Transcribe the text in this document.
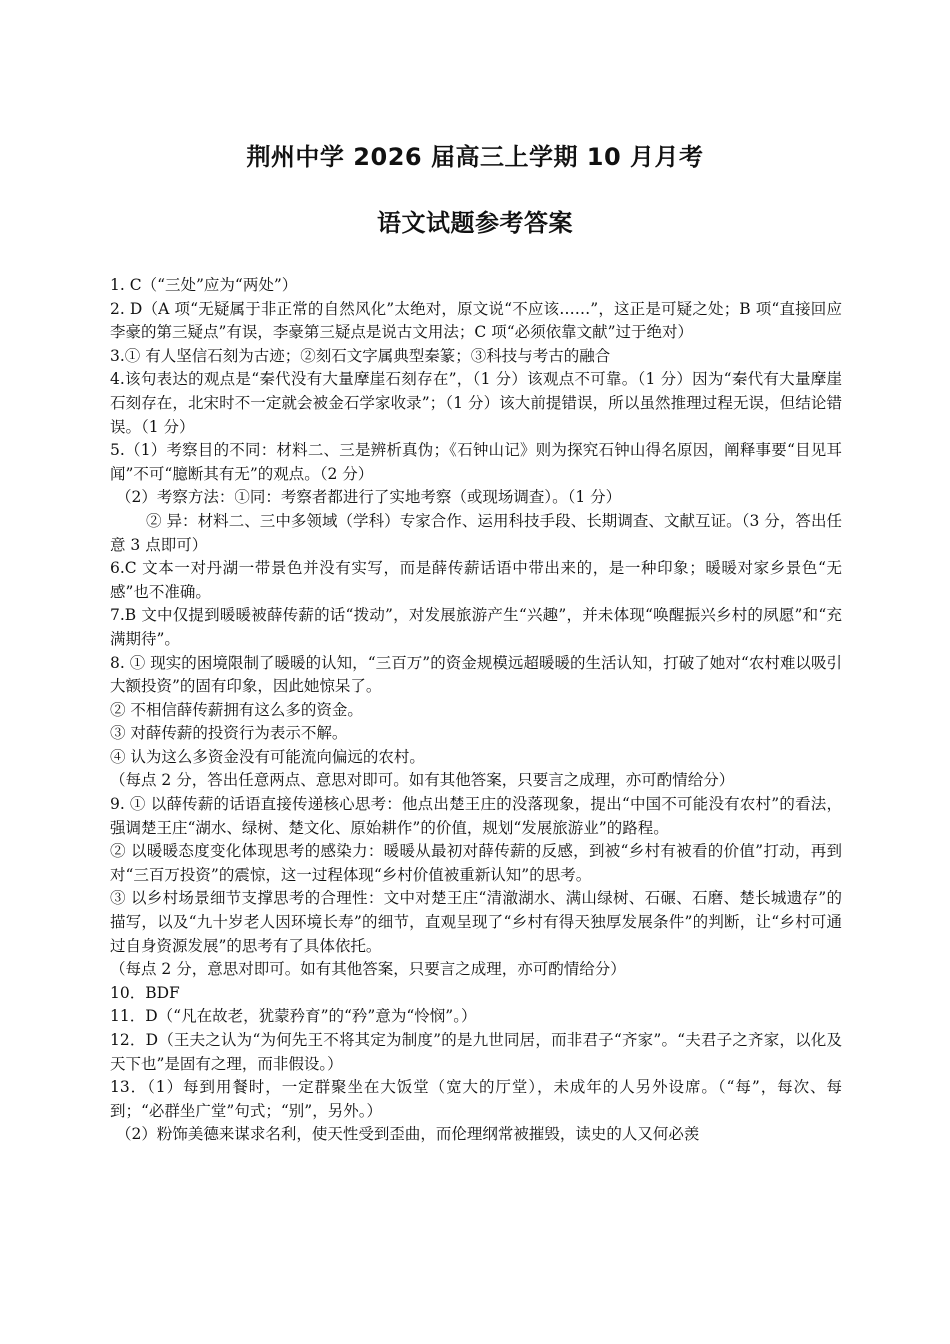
荆州中学 2026 届高三上学期 10 月月考
语文试题参考答案

1. C（“三处”应为“两处”）

2. D（A 项“无疑属于非正常的自然风化”太绝对，原文说“不应该……”，这正是可疑之处；B 项“直接回应李豪的第三疑点”有误，李豪第三疑点是说古文用法；C 项“必须依靠文献”过于绝对）

3.① 有人坚信石刻为古迹；②刻石文字属典型秦篆；③科技与考古的融合

4.该句表达的观点是“秦代没有大量摩崖石刻存在”，（1 分）该观点不可靠。（1 分）因为“秦代有大量摩崖石刻存在，北宋时不一定就会被金石学家收录”；（1 分）该大前提错误，所以虽然推理过程无误，但结论错误。（1 分）

5.（1）考察目的不同：材料二、三是辨析真伪；《石钟山记》则为探究石钟山得名原因，阐释事要“目见耳闻”不可“臆断其有无”的观点。（2 分）

（2）考察方法：①同：考察者都进行了实地考察（或现场调查）。（1 分）

② 异：材料二、三中多领域（学科）专家合作、运用科技手段、长期调查、文献互证。（3 分，答出任意 3 点即可）

6.C 文本一对丹湖一带景色并没有实写，而是薛传薪话语中带出来的，是一种印象；暖暖对家乡景色“无感”也不准确。

7.B 文中仅提到暖暖被薛传薪的话“拨动”，对发展旅游产生“兴趣”，并未体现“唤醒振兴乡村的夙愿”和“充满期待”。

8. ① 现实的困境限制了暖暖的认知，“三百万”的资金规模远超暖暖的生活认知，打破了她对“农村难以吸引大额投资”的固有印象，因此她惊呆了。

② 不相信薛传薪拥有这么多的资金。

③ 对薛传薪的投资行为表示不解。

④ 认为这么多资金没有可能流向偏远的农村。

（每点 2 分，答出任意两点、意思对即可。如有其他答案，只要言之成理，亦可酌情给分）

9. ① 以薛传薪的话语直接传递核心思考：他点出楚王庄的没落现象，提出“中国不可能没有农村”的看法，强调楚王庄“湖水、绿树、楚文化、原始耕作”的价值，规划“发展旅游业”的路程。

② 以暖暖态度变化体现思考的感染力：暖暖从最初对薛传薪的反感，到被“乡村有被看的价值”打动，再到对“三百万投资”的震惊，这一过程体现“乡村价值被重新认知”的思考。

③ 以乡村场景细节支撑思考的合理性：文中对楚王庄“清澈湖水、满山绿树、石碾、石磨、楚长城遗存”的描写，以及“九十岁老人因环境长寿”的细节，直观呈现了“乡村有得天独厚发展条件”的判断，让“乡村可通过自身资源发展”的思考有了具体依托。

（每点 2 分，意思对即可。如有其他答案，只要言之成理，亦可酌情给分）

10．BDF

11．D（“凡在故老，犹蒙矜育”的“矜”意为“怜悯”。）

12．D（王夫之认为“为何先王不将其定为制度”的是九世同居，而非君子“齐家”。“夫君子之齐家，以化及天下也”是固有之理，而非假设。）

13．（1）每到用餐时，一定群聚坐在大饭堂（宽大的厅堂），未成年的人另外设席。（“每”，每次、每到；“必群坐广堂”句式；“别”，另外。）

（2）粉饰美德来谋求名利，使天性受到歪曲，而伦理纲常被摧毁，读史的人又何必羡
